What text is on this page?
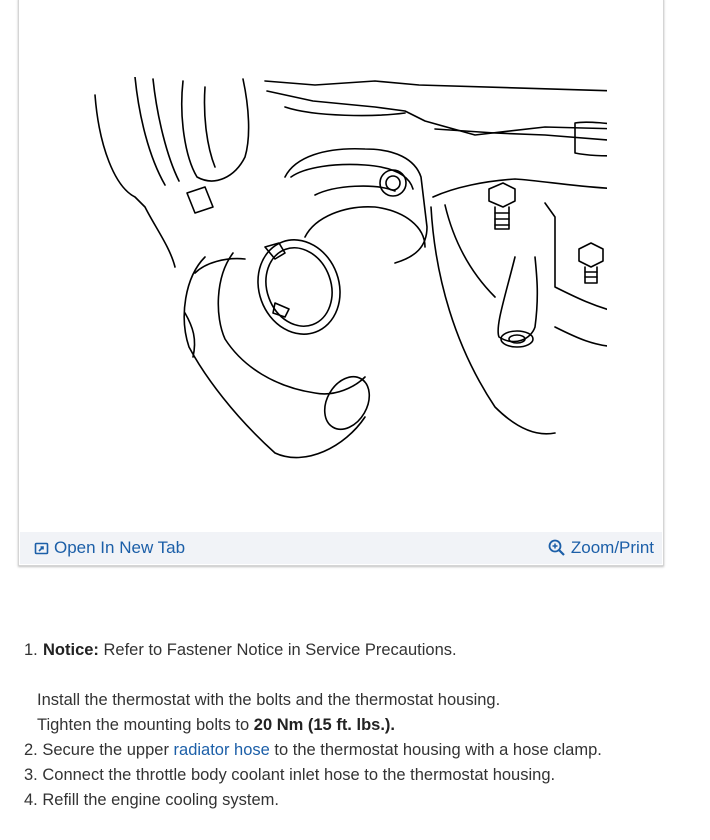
Open In New Tab	Zoom/Print
1. Notice: Refer to Fastener Notice in Service Precautions.
Install the thermostat with the bolts and the thermostat housing.
Tighten the mounting bolts to 20 Nm (15 ft. lbs.).
2. Secure the upper radiator hose to the thermostat housing with a hose clamp.
3. Connect the throttle body coolant inlet hose to the thermostat housing.
4. Refill the engine cooling system.
